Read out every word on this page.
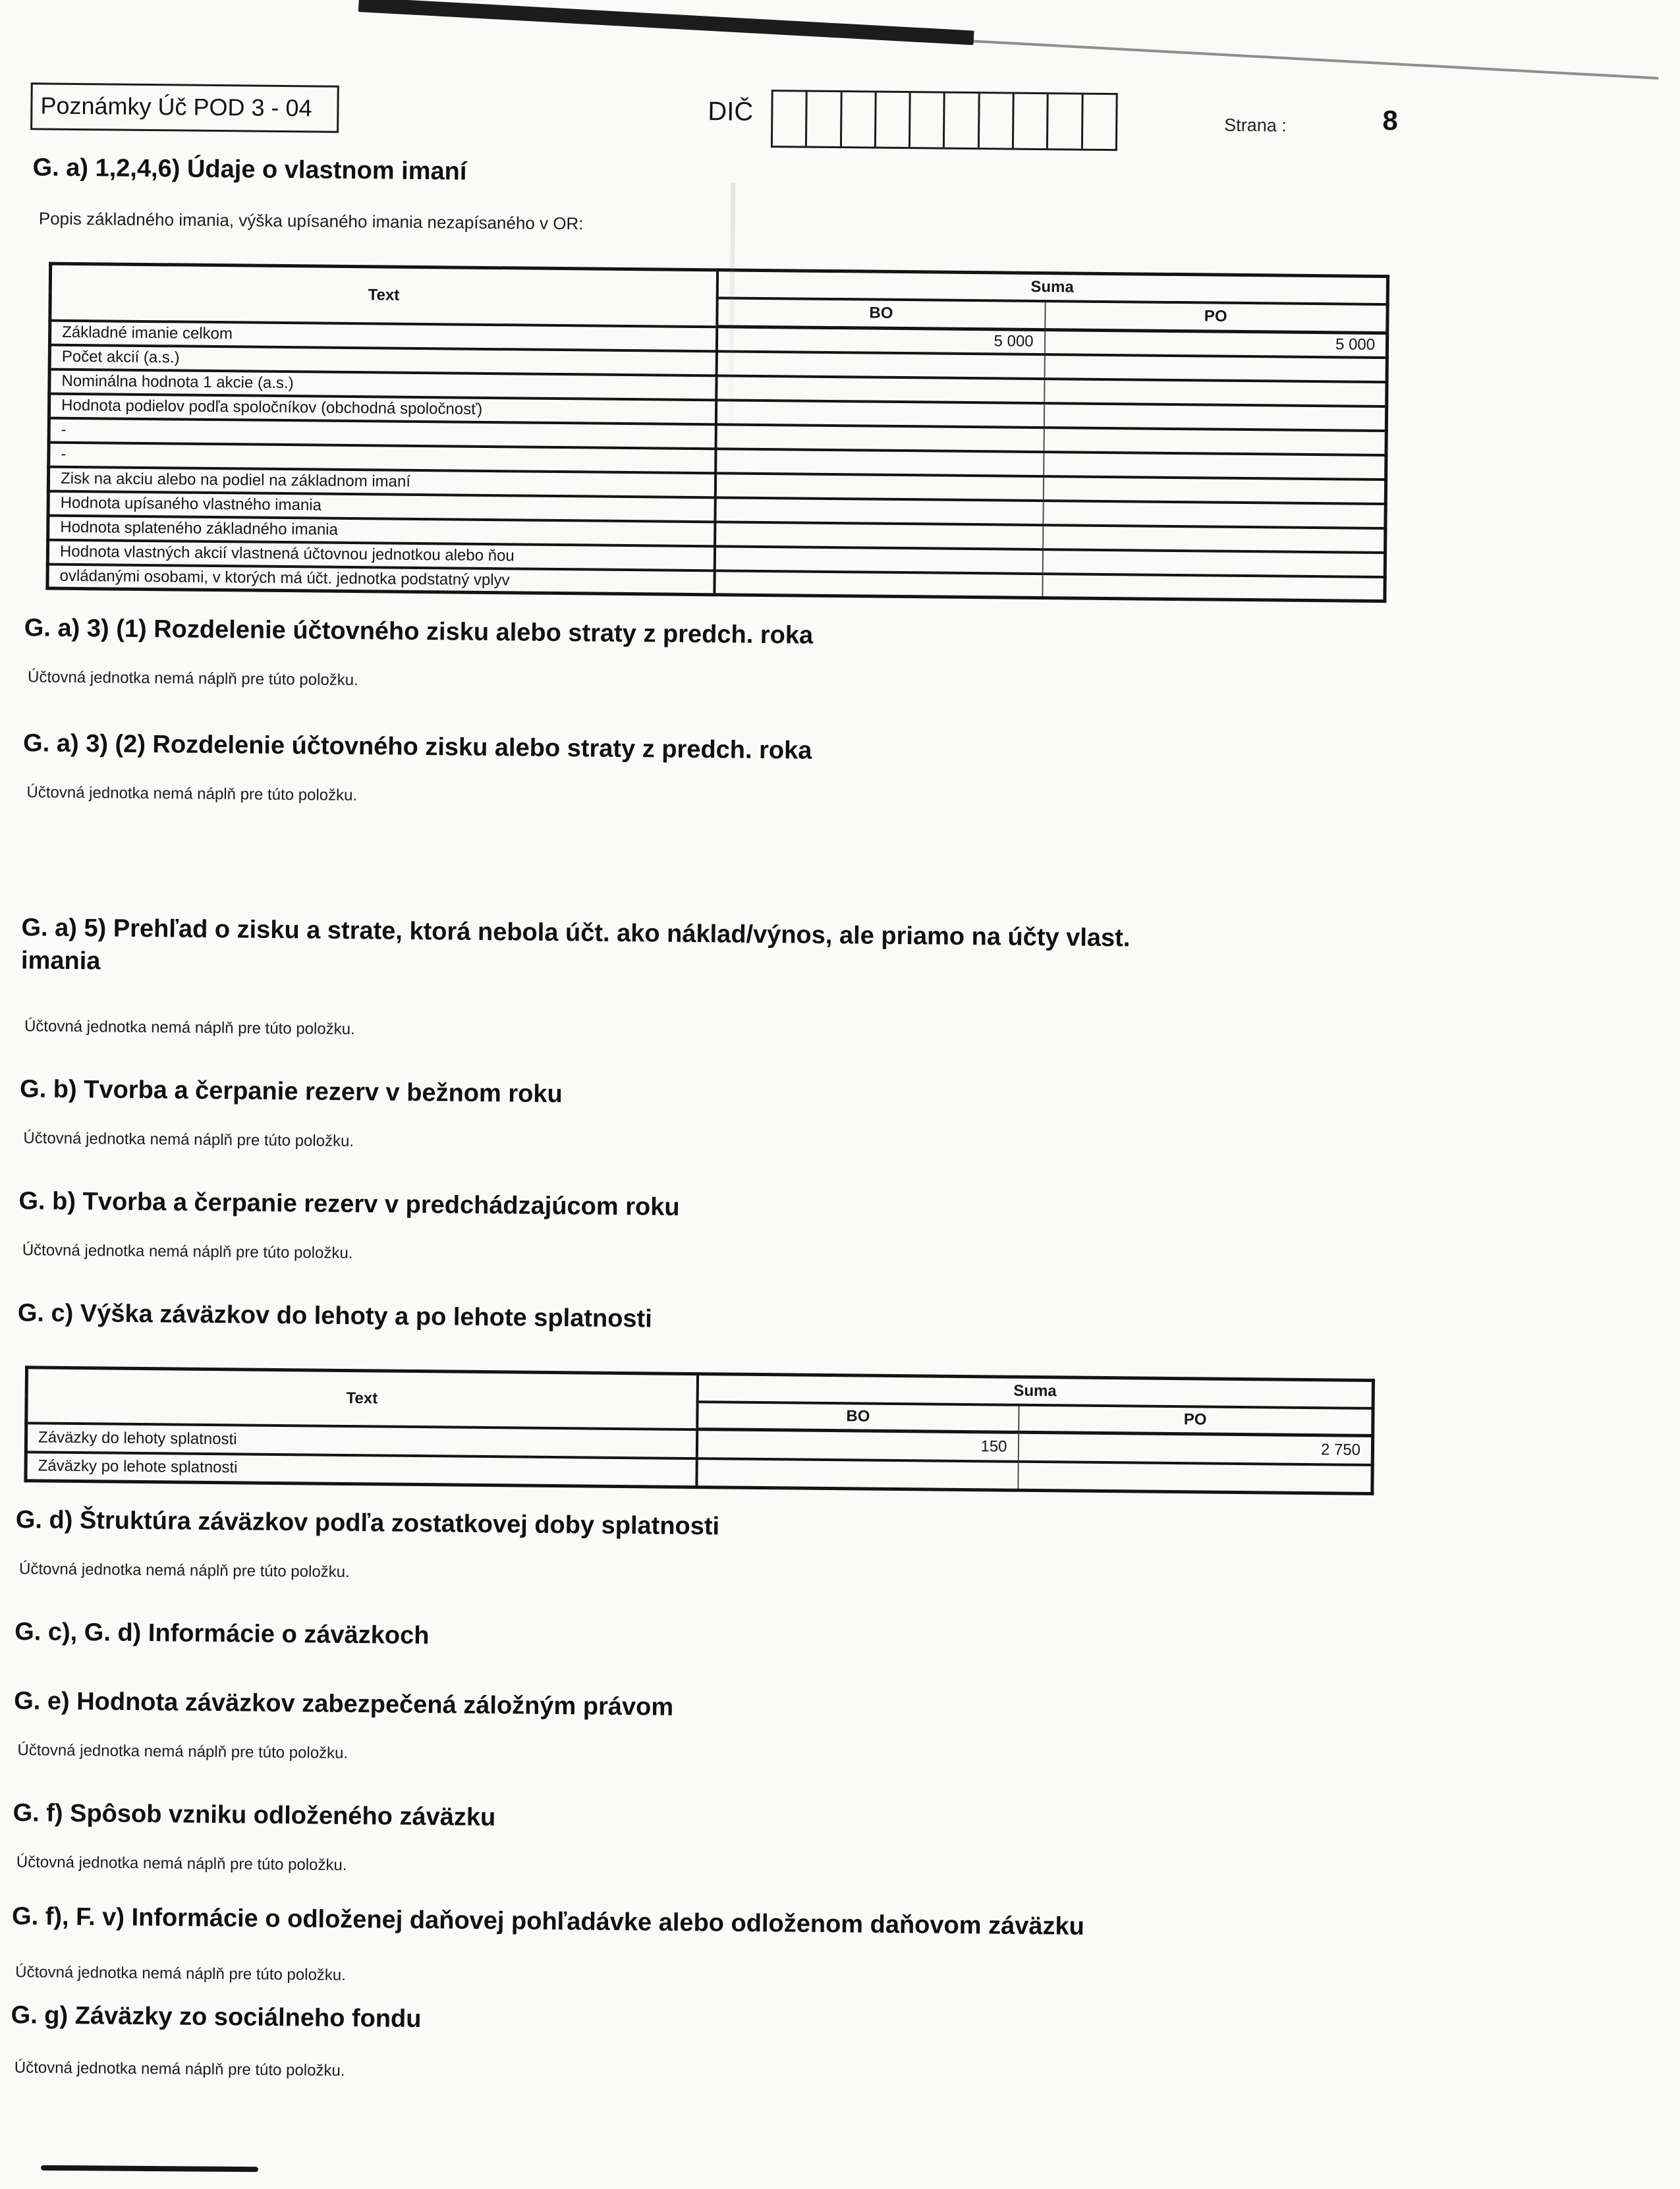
Poznámky Úč POD 3 - 04	DIČ	Strana :	8
G. a) 1,2,4,6) Údaje o vlastnom imaní
Popis základného imania, výška upísaného imania nezapísaného v OR:
Text	Suma	
	BO	PO
Základné imanie celkom	5 000	5 000
Počet akcií (a.s.)		
Nominálna hodnota 1 akcie (a.s.)		
Hodnota podielov podľa spoločníkov (obchodná spoločnosť)		
-		
-		
Zisk na akciu alebo na podiel na základnom imaní		
Hodnota upísaného vlastného imania		
Hodnota splateného základného imania		
Hodnota vlastných akcií vlastnená účtovnou jednotkou alebo ňou		
ovládanými osobami, v ktorých má účt. jednotka podstatný vplyv		
G. a) 3) (1) Rozdelenie účtovného zisku alebo straty z predch. roka
Účtovná jednotka nemá náplň pre túto položku.
G. a) 3) (2) Rozdelenie účtovného zisku alebo straty z predch. roka
Účtovná jednotka nemá náplň pre túto položku.
G. a) 5) Prehľad o zisku a strate, ktorá nebola účt. ako náklad/výnos, ale priamo na účty vlast. imania
Účtovná jednotka nemá náplň pre túto položku.
G. b) Tvorba a čerpanie rezerv v bežnom roku
Účtovná jednotka nemá náplň pre túto položku.
G. b) Tvorba a čerpanie rezerv v predchádzajúcom roku
Účtovná jednotka nemá náplň pre túto položku.
G. c) Výška záväzkov do lehoty a po lehote splatnosti
Text	Suma	
	BO	PO
Záväzky do lehoty splatnosti	150	2 750
Záväzky po lehote splatnosti		
G. d) Štruktúra záväzkov podľa zostatkovej doby splatnosti
Účtovná jednotka nemá náplň pre túto položku.
G. c), G. d) Informácie o záväzkoch
G. e) Hodnota záväzkov zabezpečená záložným právom
Účtovná jednotka nemá náplň pre túto položku.
G. f) Spôsob vzniku odloženého záväzku
Účtovná jednotka nemá náplň pre túto položku.
G. f), F. v) Informácie o odloženej daňovej pohľadávke alebo odloženom daňovom záväzku
Účtovná jednotka nemá náplň pre túto položku.
G. g) Záväzky zo sociálneho fondu
Účtovná jednotka nemá náplň pre túto položku.
